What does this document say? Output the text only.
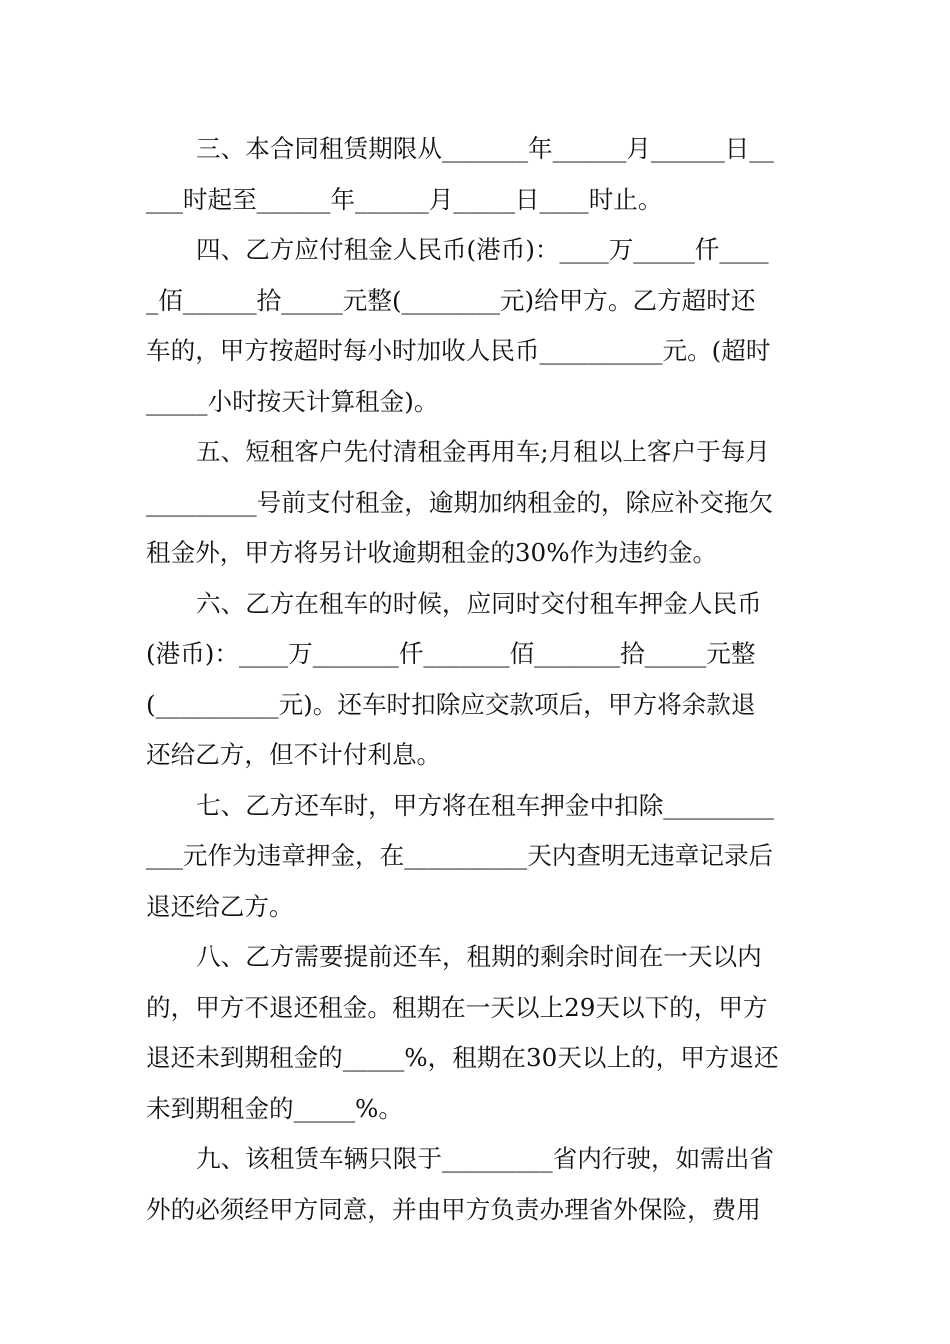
三、本合同租赁期限从_______年______月______日__
___时起至______年______月_____日____时止。
四、乙方应付租金人民币(港币)：____万_____仟____
_佰______拾_____元整(________元)给甲方。乙方超时还
车的，甲方按超时每小时加收人民币__________元。(超时
_____小时按天计算租金)。
五、短租客户先付清租金再用车;月租以上客户于每月
_________号前支付租金，逾期加纳租金的，除应补交拖欠
租金外，甲方将另计收逾期租金的30%作为违约金。
六、乙方在租车的时候，应同时交付租车押金人民币
(港币)：____万_______仟_______佰_______拾_____元整
(__________元)。还车时扣除应交款项后，甲方将余款退
还给乙方，但不计付利息。
七、乙方还车时，甲方将在租车押金中扣除_________
___元作为违章押金，在__________天内查明无违章记录后
退还给乙方。
八、乙方需要提前还车，租期的剩余时间在一天以内
的，甲方不退还租金。租期在一天以上29天以下的，甲方
退还未到期租金的_____%，租期在30天以上的，甲方退还
未到期租金的_____%。
九、该租赁车辆只限于_________省内行驶，如需出省
外的必须经甲方同意，并由甲方负责办理省外保险，费用
